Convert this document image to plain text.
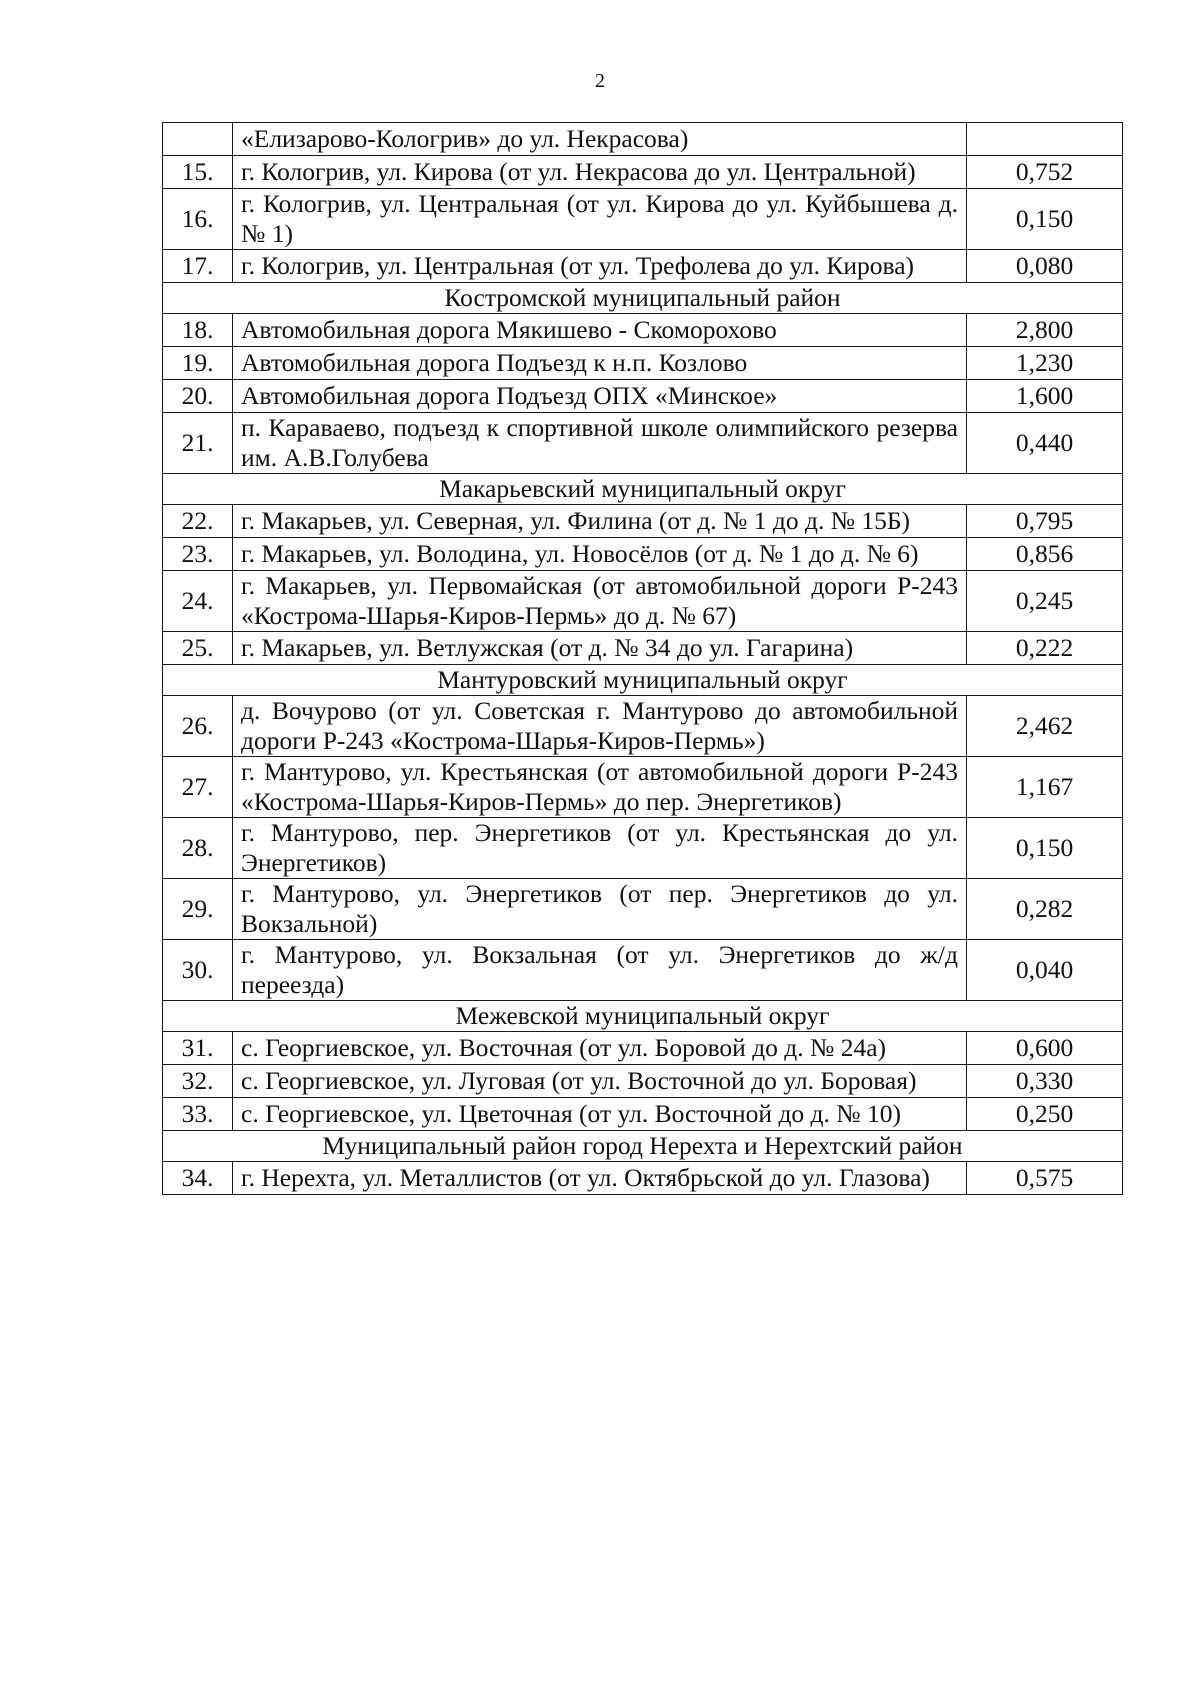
2
	«Елизарово-Кологрив» до ул. Некрасова)	
15.	г. Кологрив, ул. Кирова (от ул. Некрасова до ул. Центральной)	0,752
16.	г. Кологрив, ул. Центральная (от ул. Кирова до ул. Куйбышева д. № 1)	0,150
17.	г. Кологрив, ул. Центральная (от ул. Трефолева до ул. Кирова)	0,080
Костромской муниципальный район		
18.	Автомобильная дорога Мякишево - Скоморохово	2,800
19.	Автомобильная дорога Подъезд к н.п. Козлово	1,230
20.	Автомобильная дорога Подъезд ОПХ «Минское»	1,600
21.	п. Караваево, подъезд к спортивной школе олимпийского резерва им. А.В.Голубева	0,440
Макарьевский муниципальный округ		
22.	г. Макарьев, ул. Северная, ул. Филина (от д. № 1 до д. № 15Б)	0,795
23.	г. Макарьев, ул. Володина, ул. Новосёлов (от д. № 1 до д. № 6)	0,856
24.	г. Макарьев, ул. Первомайская (от автомобильной дороги Р-243 «Кострома-Шарья-Киров-Пермь» до д. № 67)	0,245
25.	г. Макарьев, ул. Ветлужская (от д. № 34 до ул. Гагарина)	0,222
Мантуровский муниципальный округ		
26.	д. Вочурово (от ул. Советская г. Мантурово до автомобильной дороги Р-243 «Кострома-Шарья-Киров-Пермь»)	2,462
27.	г. Мантурово, ул. Крестьянская (от автомобильной дороги Р-243 «Кострома-Шарья-Киров-Пермь» до пер. Энергетиков)	1,167
28.	г. Мантурово, пер. Энергетиков (от ул. Крестьянская до ул. Энергетиков)	0,150
29.	г. Мантурово, ул. Энергетиков (от пер. Энергетиков до ул. Вокзальной)	0,282
30.	г. Мантурово, ул. Вокзальная (от ул. Энергетиков до ж/д переезда)	0,040
Межевской муниципальный округ		
31.	с. Георгиевское, ул. Восточная (от ул. Боровой до д. № 24а)	0,600
32.	с. Георгиевское, ул. Луговая (от ул. Восточной до ул. Боровая)	0,330
33.	с. Георгиевское, ул. Цветочная (от ул. Восточной до д. № 10)	0,250
Муниципальный район город Нерехта и Нерехтский район		
34.	г. Нерехта, ул. Металлистов (от ул. Октябрьской до ул. Глазова)	0,575
